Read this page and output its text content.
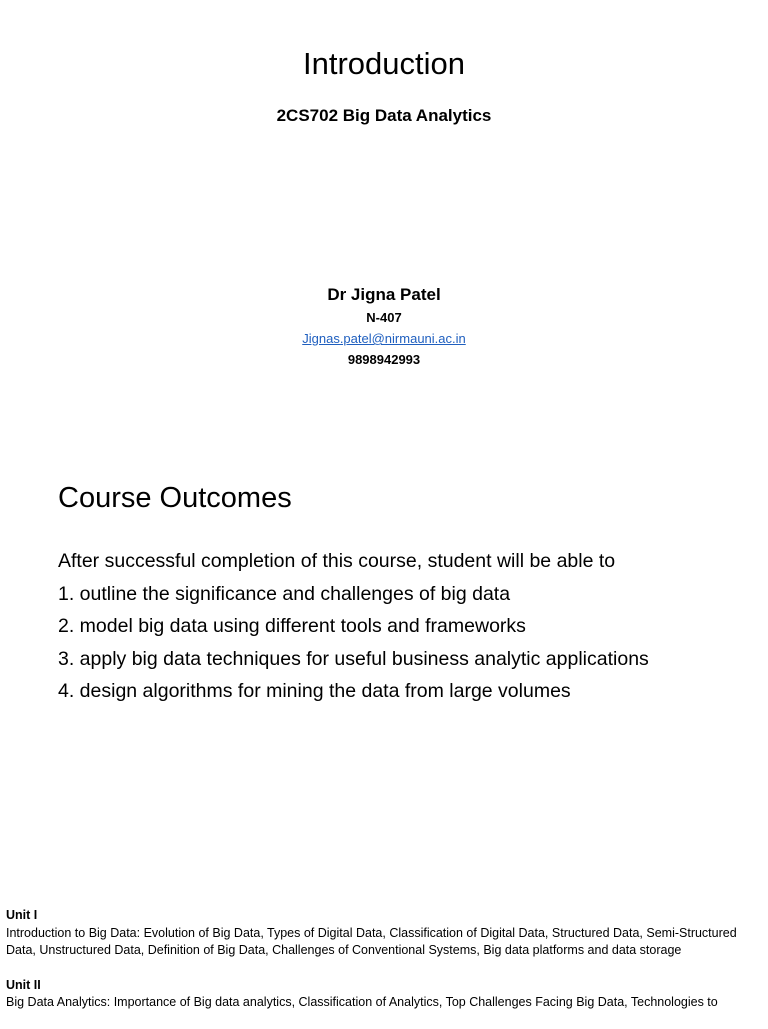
Introduction
2CS702 Big Data Analytics
Dr Jigna Patel
N-407
Jignas.patel@nirmauni.ac.in
9898942993
Course Outcomes
After successful completion of this course, student will be able to
1. outline the significance and challenges of big data
2. model big data using different tools and frameworks
3. apply big data techniques for useful business analytic applications
4. design algorithms for mining the data from large volumes
Unit I

Introduction to Big Data: Evolution of Big Data, Types of Digital Data, Classification of Digital Data, Structured Data, Semi-Structured Data, Unstructured Data, Definition of Big Data, Challenges of Conventional Systems, Big data platforms and data storage

Unit II

Big Data Analytics: Importance of Big data analytics, Classification of Analytics, Top Challenges Facing Big Data, Technologies to
